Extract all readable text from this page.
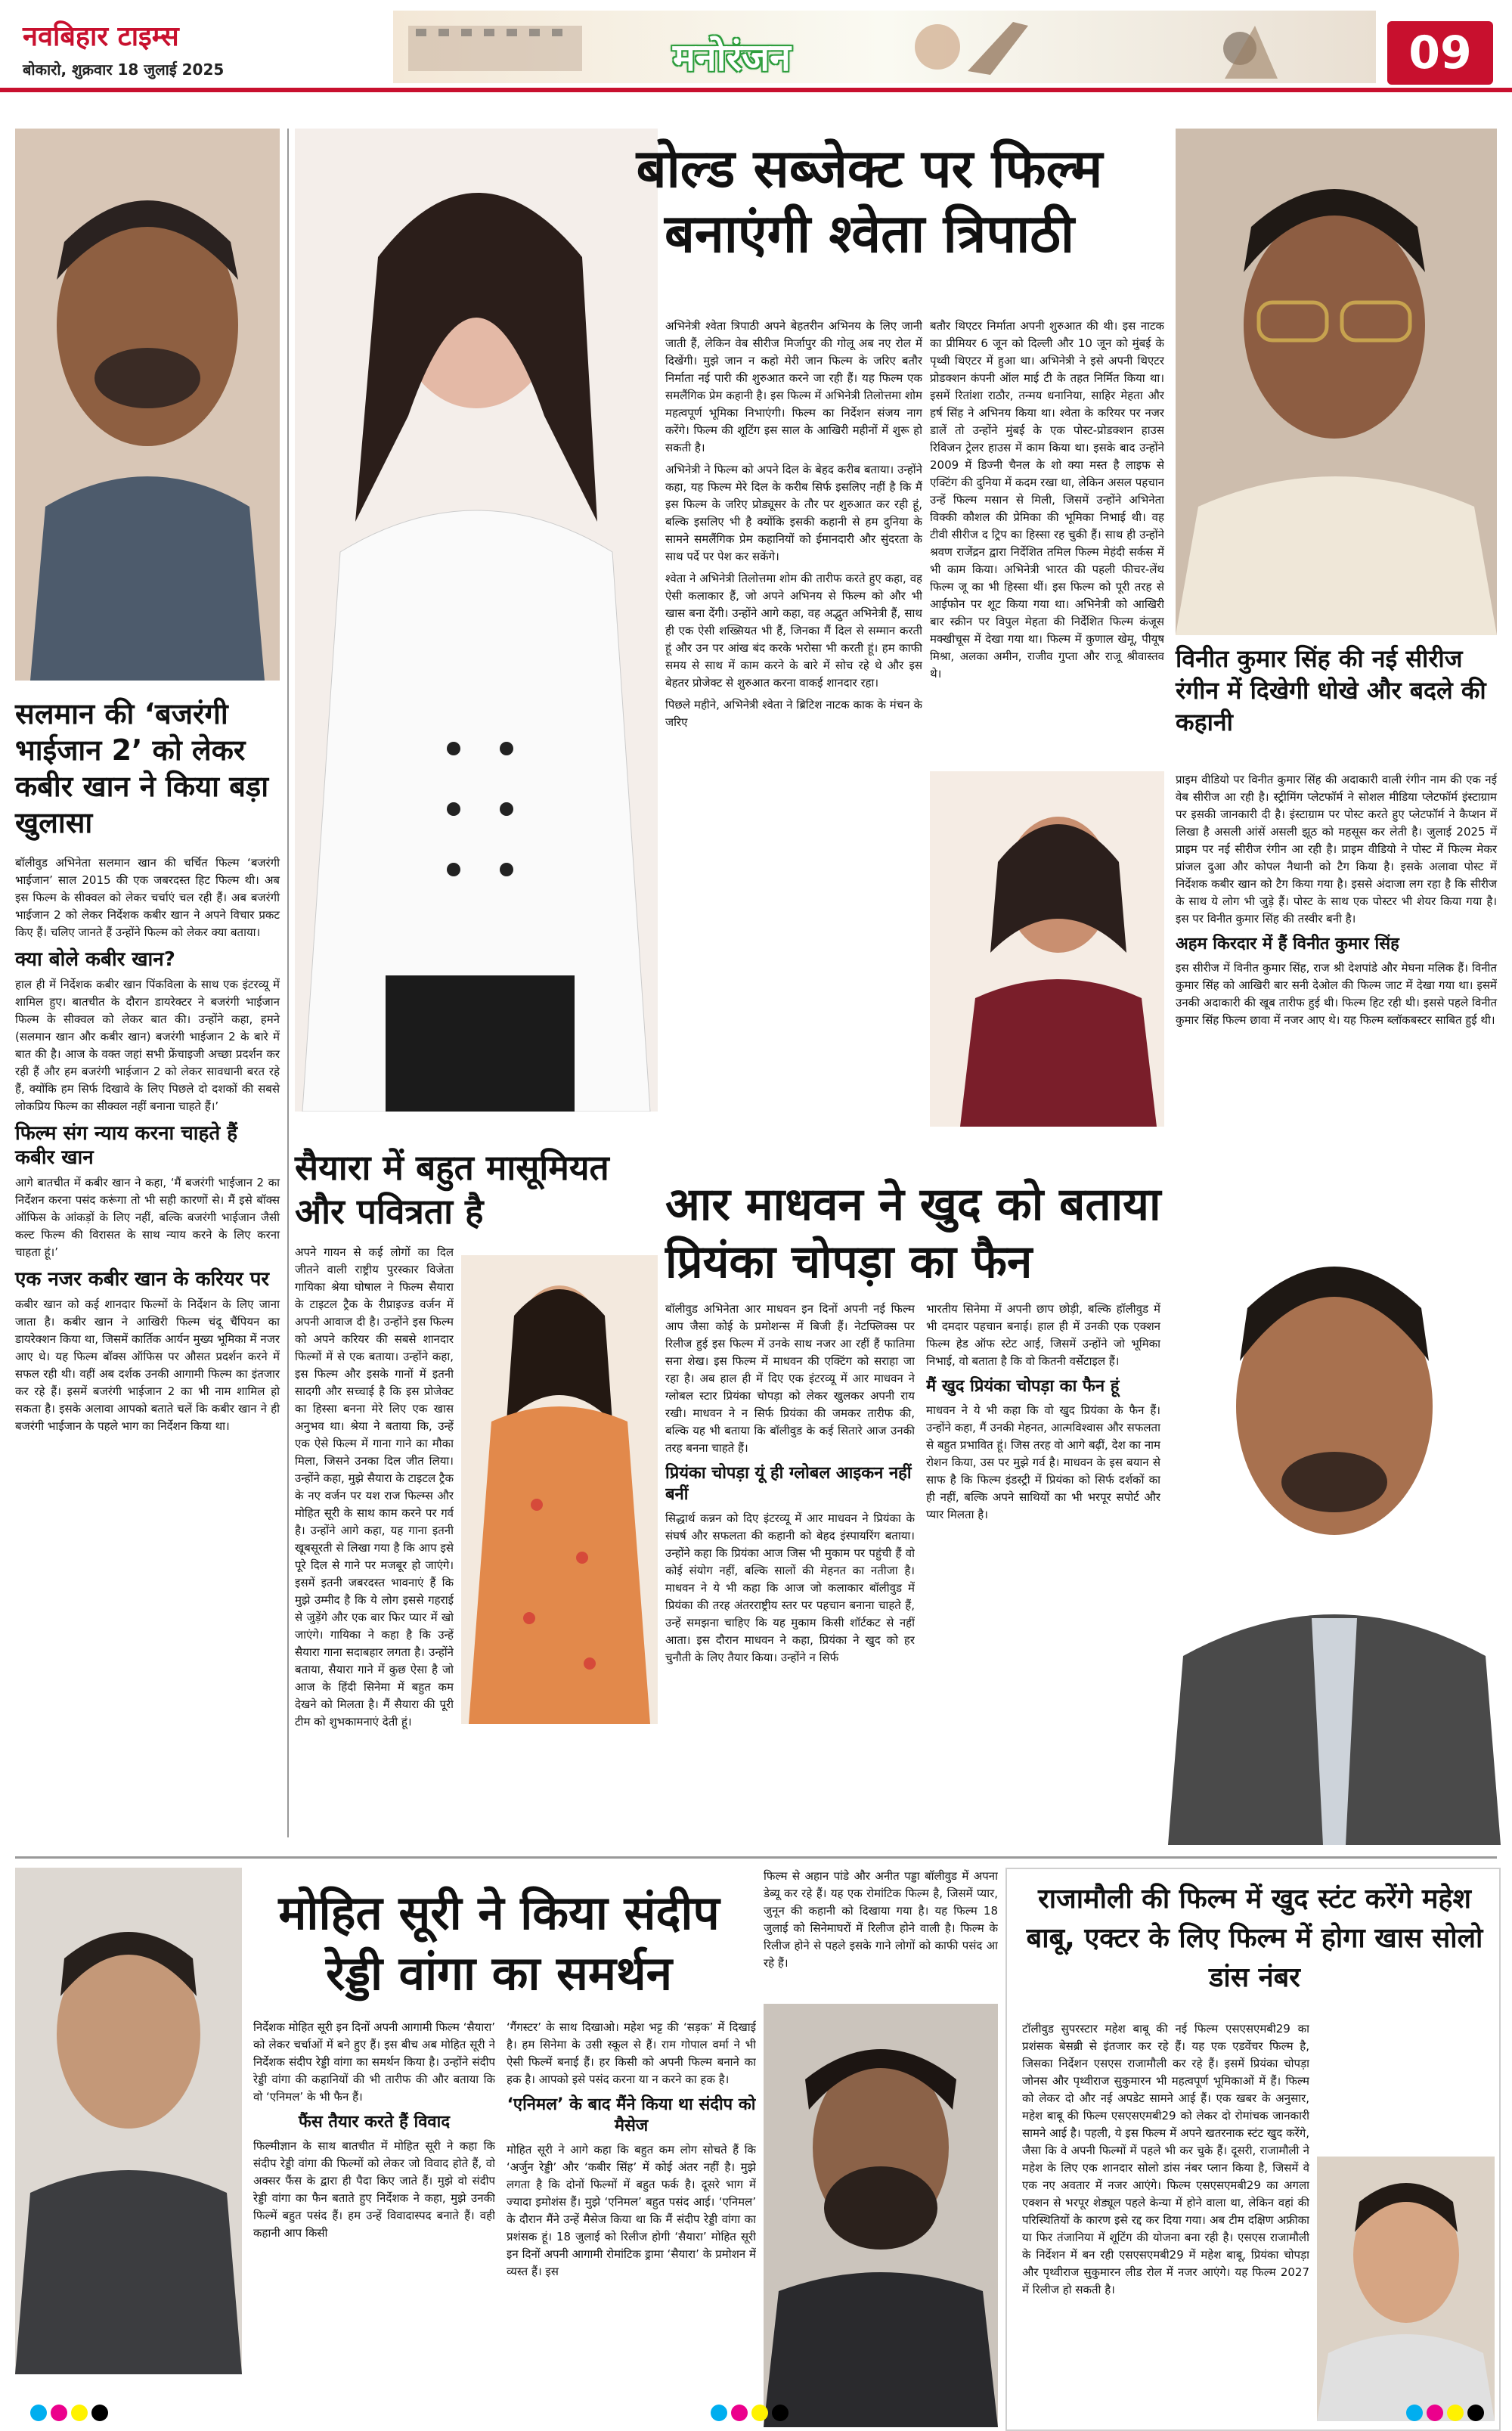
नवबिहार टाइम्स
बोकारो, शुक्रवार 18 जुलाई 2025	मनोरंजन	09
सलमान की ‘बजरंगी भाईजान 2’ को लेकर कबीर खान ने किया बड़ा खुलासा

बॉलीवुड अभिनेता सलमान खान की चर्चित फिल्म ‘बजरंगी भाईजान’ साल 2015 की एक जबरदस्त हिट फिल्म थी। अब इस फिल्म के सीक्वल को लेकर चर्चाएं चल रही हैं। अब बजरंगी भाईजान 2 को लेकर निर्देशक कबीर खान ने अपने विचार प्रकट किए हैं। चलिए जानते हैं उन्होंने फिल्म को लेकर क्या बताया।

क्या बोले कबीर खान?

हाल ही में निर्देशक कबीर खान पिंकविला के साथ एक इंटरव्यू में शामिल हुए। बातचीत के दौरान डायरेक्टर ने बजरंगी भाईजान फिल्म के सीक्वल को लेकर बात की। उन्होंने कहा, हमने (सलमान खान और कबीर खान) बजरंगी भाईजान 2 के बारे में बात की है। आज के वक्त जहां सभी फ्रेंचाइजी अच्छा प्रदर्शन कर रही हैं और हम बजरंगी भाईजान 2 को लेकर सावधानी बरत रहे हैं, क्योंकि हम सिर्फ दिखावे के लिए पिछले दो दशकों की सबसे लोकप्रिय फिल्म का सीक्वल नहीं बनाना चाहते हैं।’

फिल्म संग न्याय करना चाहते हैं कबीर खान

आगे बातचीत में कबीर खान ने कहा, ‘मैं बजरंगी भाईजान 2 का निर्देशन करना पसंद करूंगा तो भी सही कारणों से। मैं इसे बॉक्स ऑफिस के आंकड़ों के लिए नहीं, बल्कि बजरंगी भाईजान जैसी कल्ट फिल्म की विरासत के साथ न्याय करने के लिए करना चाहता हूं।’

एक नजर कबीर खान के करियर पर

कबीर खान को कई शानदार फिल्मों के निर्देशन के लिए जाना जाता है। कबीर खान ने आखिरी फिल्म चंदू चैंपियन का डायरेक्शन किया था, जिसमें कार्तिक आर्यन मुख्य भूमिका में नजर आए थे। यह फिल्म बॉक्स ऑफिस पर औसत प्रदर्शन करने में सफल रही थी। वहीं अब दर्शक उनकी आगामी फिल्म का इंतजार कर रहे हैं। इसमें बजरंगी भाईजान 2 का भी नाम शामिल हो सकता है। इसके अलावा आपको बताते चलें कि कबीर खान ने ही बजरंगी भाईजान के पहले भाग का निर्देशन किया था।

बोल्ड सब्जेक्ट पर फिल्म बनाएंगी श्वेता त्रिपाठी

अभिनेत्री श्वेता त्रिपाठी अपने बेहतरीन अभिनय के लिए जानी जाती हैं, लेकिन वेब सीरीज मिर्जापुर की गोलू अब नए रोल में दिखेंगी। मुझे जान न कहो मेरी जान फिल्म के जरिए बतौर निर्माता नई पारी की शुरुआत करने जा रही हैं। यह फिल्म एक समलैंगिक प्रेम कहानी है। इस फिल्म में अभिनेत्री तिलोत्तमा शोम महत्वपूर्ण भूमिका निभाएंगी। फिल्म का निर्देशन संजय नाग करेंगे। फिल्म की शूटिंग इस साल के आखिरी महीनों में शुरू हो सकती है।

अभिनेत्री ने फिल्म को अपने दिल के बेहद करीब बताया। उन्होंने कहा, यह फिल्म मेरे दिल के करीब सिर्फ इसलिए नहीं है कि मैं इस फिल्म के जरिए प्रोड्यूसर के तौर पर शुरुआत कर रही हूं, बल्कि इसलिए भी है क्योंकि इसकी कहानी से हम दुनिया के सामने समलैंगिक प्रेम कहानियों को ईमानदारी और सुंदरता के साथ पर्दे पर पेश कर सकेंगे।

श्वेता ने अभिनेत्री तिलोत्तमा शोम की तारीफ करते हुए कहा, वह ऐसी कलाकार हैं, जो अपने अभिनय से फिल्म को और भी खास बना देंगी। उन्होंने आगे कहा, वह अद्भुत अभिनेत्री हैं, साथ ही एक ऐसी शख्सियत भी हैं, जिनका मैं दिल से सम्मान करती हूं और उन पर आंख बंद करके भरोसा भी करती हूं। हम काफी समय से साथ में काम करने के बारे में सोच रहे थे और इस बेहतर प्रोजेक्ट से शुरुआत करना वाकई शानदार रहा।

पिछले महीने, अभिनेत्री श्वेता ने ब्रिटिश नाटक काक के मंचन के जरिए

बतौर थिएटर निर्माता अपनी शुरुआत की थी। इस नाटक का प्रीमियर 6 जून को दिल्ली और 10 जून को मुंबई के पृथ्वी थिएटर में हुआ था। अभिनेत्री ने इसे अपनी थिएटर प्रोडक्शन कंपनी ऑल माई टी के तहत निर्मित किया था। इसमें रितांशा राठौर, तन्मय धनानिया, साहिर मेहता और हर्ष सिंह ने अभिनय किया था। श्वेता के करियर पर नजर डालें तो उन्होंने मुंबई के एक पोस्ट-प्रोडक्शन हाउस रिविजन ट्रेलर हाउस में काम किया था। इसके बाद उन्होंने 2009 में डिज्नी चैनल के शो क्या मस्त है लाइफ से एक्टिंग की दुनिया में कदम रखा था, लेकिन असल पहचान उन्हें फिल्म मसान से मिली, जिसमें उन्होंने अभिनेता विक्की कौशल की प्रेमिका की भूमिका निभाई थी। वह टीवी सीरीज द ट्रिप का हिस्सा रह चुकी हैं। साथ ही उन्होंने श्रवण राजेंद्रन द्वारा निर्देशित तमिल फिल्म मेहंदी सर्कस में भी काम किया। अभिनेत्री भारत की पहली फीचर-लेंथ फिल्म जू का भी हिस्सा थीं। इस फिल्म को पूरी तरह से आईफोन पर शूट किया गया था। अभिनेत्री को आखिरी बार स्क्रीन पर विपुल मेहता की निर्देशित फिल्म कंजूस मक्खीचूस में देखा गया था। फिल्म में कुणाल खेमू, पीयूष मिश्रा, अलका अमीन, राजीव गुप्ता और राजू श्रीवास्तव थे।

विनीत कुमार सिंह की नई सीरीज रंगीन में दिखेगी धोखे और बदले की कहानी

प्राइम वीडियो पर विनीत कुमार सिंह की अदाकारी वाली रंगीन नाम की एक नई वेब सीरीज आ रही है। स्ट्रीमिंग प्लेटफॉर्म ने सोशल मीडिया प्लेटफॉर्म इंस्टाग्राम पर इसकी जानकारी दी है। इंस्टाग्राम पर पोस्ट करते हुए प्लेटफॉर्म ने कैप्शन में लिखा है असली आंसें असली झूठ को महसूस कर लेती है। जुलाई 2025 में प्राइम पर नई सीरीज रंगीन आ रही है। प्राइम वीडियो ने पोस्ट में फिल्म मेकर प्रांजल दुआ और कोपल नैथानी को टैग किया है। इसके अलावा पोस्ट में निर्देशक कबीर खान को टैग किया गया है। इससे अंदाजा लग रहा है कि सीरीज के साथ ये लोग भी जुड़े हैं। पोस्ट के साथ एक पोस्टर भी शेयर किया गया है। इस पर विनीत कुमार सिंह की तस्वीर बनी है।

अहम किरदार में हैं विनीत कुमार सिंह

इस सीरीज में विनीत कुमार सिंह, राज श्री देशपांडे और मेघना मलिक हैं। विनीत कुमार सिंह को आखिरी बार सनी देओल की फिल्म जाट में देखा गया था। इसमें उनकी अदाकारी की खूब तारीफ हुई थी। फिल्म हिट रही थी। इससे पहले विनीत कुमार सिंह फिल्म छावा में नजर आए थे। यह फिल्म ब्लॉकबस्टर साबित हुई थी।

सैयारा में बहुत मासूमियत और पवित्रता है

अपने गायन से कई लोगों का दिल जीतने वाली राष्ट्रीय पुरस्कार विजेता गायिका श्रेया घोषाल ने फिल्म सैयारा के टाइटल ट्रैक के रीप्राइज्ड वर्जन में अपनी आवाज दी है। उन्होंने इस फिल्म को अपने करियर की सबसे शानदार फिल्मों में से एक बताया। उन्होंने कहा, इस फिल्म और इसके गानों में इतनी सादगी और सच्चाई है कि इस प्रोजेक्ट का हिस्सा बनना मेरे लिए एक खास अनुभव था। श्रेया ने बताया कि, उन्हें एक ऐसे फिल्म में गाना गाने का मौका मिला, जिसने उनका दिल जीत लिया। उन्होंने कहा, मुझे सैयारा के टाइटल ट्रैक के नए वर्जन पर यश राज फिल्म्स और मोहित सूरी के साथ काम करने पर गर्व है। उन्होंने आगे कहा, यह गाना इतनी खूबसूरती से लिखा गया है कि आप इसे पूरे दिल से गाने पर मजबूर हो जाएंगे। इसमें इतनी जबरदस्त भावनाएं हैं कि मुझे उम्मीद है कि ये लोग इससे गहराई से जुड़ेंगे और एक बार फिर प्यार में खो जाएंगे। गायिका ने कहा है कि उन्हें सैयारा गाना सदाबहार लगता है। उन्होंने बताया, सैयारा गाने में कुछ ऐसा है जो आज के हिंदी सिनेमा में बहुत कम देखने को मिलता है। मैं सैयारा की पूरी टीम को शुभकामनाएं देती हूं।

आर माधवन ने खुद को बताया प्रियंका चोपड़ा का फैन

बॉलीवुड अभिनेता आर माधवन इन दिनों अपनी नई फिल्म आप जैसा कोई के प्रमोशन्स में बिजी हैं। नेटफ्लिक्स पर रिलीज हुई इस फिल्म में उनके साथ नजर आ रहीं हैं फातिमा सना शेख। इस फिल्म में माधवन की एक्टिंग को सराहा जा रहा है। अब हाल ही में दिए एक इंटरव्यू में आर माधवन ने ग्लोबल स्टार प्रियंका चोपड़ा को लेकर खुलकर अपनी राय रखी। माधवन ने न सिर्फ प्रियंका की जमकर तारीफ की, बल्कि यह भी बताया कि बॉलीवुड के कई सितारे आज उनकी तरह बनना चाहते हैं।

प्रियंका चोपड़ा यूं ही ग्लोबल आइकन नहीं बनीं

सिद्धार्थ कन्नन को दिए इंटरव्यू में आर माधवन ने प्रियंका के संघर्ष और सफलता की कहानी को बेहद इंस्पायरिंग बताया। उन्होंने कहा कि प्रियंका आज जिस भी मुकाम पर पहुंची हैं वो कोई संयोग नहीं, बल्कि सालों की मेहनत का नतीजा है। माधवन ने ये भी कहा कि आज जो कलाकार बॉलीवुड में प्रियंका की तरह अंतरराष्ट्रीय स्तर पर पहचान बनाना चाहते हैं, उन्हें समझना चाहिए कि यह मुकाम किसी शॉर्टकट से नहीं आता। इस दौरान माधवन ने कहा, प्रियंका ने खुद को हर चुनौती के लिए तैयार किया। उन्होंने न सिर्फ

भारतीय सिनेमा में अपनी छाप छोड़ी, बल्कि हॉलीवुड में भी दमदार पहचान बनाई। हाल ही में उनकी एक एक्शन फिल्म हेड ऑफ स्टेट आई, जिसमें उन्होंने जो भूमिका निभाई, वो बताता है कि वो कितनी वर्सेटाइल हैं।

मैं खुद प्रियंका चोपड़ा का फैन हूं

माधवन ने ये भी कहा कि वो खुद प्रियंका के फैन हैं। उन्होंने कहा, मैं उनकी मेहनत, आत्मविश्वास और सफलता से बहुत प्रभावित हूं। जिस तरह वो आगे बढ़ीं, देश का नाम रोशन किया, उस पर मुझे गर्व है। माधवन के इस बयान से साफ है कि फिल्म इंडस्ट्री में प्रियंका को सिर्फ दर्शकों का ही नहीं, बल्कि अपने साथियों का भी भरपूर सपोर्ट और प्यार मिलता है।

मोहित सूरी ने किया संदीप रेड्डी वांगा का समर्थन

निर्देशक मोहित सूरी इन दिनों अपनी आगामी फिल्म ‘सैयारा’ को लेकर चर्चाओं में बने हुए हैं। इस बीच अब मोहित सूरी ने निर्देशक संदीप रेड्डी वांगा का समर्थन किया है। उन्होंने संदीप रेड्डी वांगा की कहानियों की भी तारीफ की और बताया कि वो ‘एनिमल’ के भी फैन हैं।

फैंस तैयार करते हैं विवाद

फिल्मीज्ञान के साथ बातचीत में मोहित सूरी ने कहा कि संदीप रेड्डी वांगा की फिल्मों को लेकर जो विवाद होते हैं, वो अक्सर फैंस के द्वारा ही पैदा किए जाते हैं। मुझे वो संदीप रेड्डी वांगा का फैन बताते हुए निर्देशक ने कहा, मुझे उनकी फिल्में बहुत पसंद हैं। हम उन्हें विवादास्पद बनाते हैं। वही कहानी आप किसी

‘गैंगस्टर’ के साथ दिखाओ। महेश भट्ट की ‘सड़क’ में दिखाई है। हम सिनेमा के उसी स्कूल से हैं। राम गोपाल वर्मा ने भी ऐसी फिल्में बनाई हैं। हर किसी को अपनी फिल्म बनाने का हक है। आपको इसे पसंद करना या न करने का हक है।

‘एनिमल’ के बाद मैंने किया था संदीप को मैसेज

मोहित सूरी ने आगे कहा कि बहुत कम लोग सोचते हैं कि ‘अर्जुन रेड्डी’ और ‘कबीर सिंह’ में कोई अंतर नहीं है। मुझे लगता है कि दोनों फिल्मों में बहुत फर्क है। दूसरे भाग में ज्यादा इमोशंस हैं। मुझे ‘एनिमल’ बहुत पसंद आई। ‘एनिमल’ के दौरान मैंने उन्हें मैसेज किया था कि मैं संदीप रेड्डी वांगा का प्रशंसक हूं। 18 जुलाई को रिलीज होगी ‘सैयारा’ मोहित सूरी इन दिनों अपनी आगामी रोमांटिक ड्रामा ‘सैयारा’ के प्रमोशन में व्यस्त हैं। इस

फिल्म से अहान पांडे और अनीत पड्डा बॉलीवुड में अपना डेब्यू कर रहे हैं। यह एक रोमांटिक फिल्म है, जिसमें प्यार, जुनून की कहानी को दिखाया गया है। यह फिल्म 18 जुलाई को सिनेमाघरों में रिलीज होने वाली है। फिल्म के रिलीज होने से पहले इसके गाने लोगों को काफी पसंद आ रहे हैं।

राजामौली की फिल्म में खुद स्टंट करेंगे महेश बाबू, एक्टर के लिए फिल्म में होगा खास सोलो डांस नंबर

टॉलीवुड सुपरस्टार महेश बाबू की नई फिल्म एसएसएमबी29 का प्रशंसक बेसब्री से इंतजार कर रहे हैं। यह एक एडवेंचर फिल्म है, जिसका निर्देशन एसएस राजामौली कर रहे हैं। इसमें प्रियंका चोपड़ा जोनस और पृथ्वीराज सुकुमारन भी महत्वपूर्ण भूमिकाओं में हैं। फिल्म को लेकर दो और नई अपडेट सामने आई हैं। एक खबर के अनुसार, महेश बाबू की फिल्म एसएसएमबी29 को लेकर दो रोमांचक जानकारी सामने आई है। पहली, ये इस फिल्म में अपने खतरनाक स्टंट खुद करेंगे, जैसा कि वे अपनी फिल्मों में पहले भी कर चुके हैं। दूसरी, राजामौली ने महेश के लिए एक शानदार सोलो डांस नंबर प्लान किया है, जिसमें वे एक नए अवतार में नजर आएंगे। फिल्म एसएसएमबी29 का अगला एक्शन से भरपूर शेड्यूल पहले केन्या में होने वाला था, लेकिन वहां की परिस्थितियों के कारण इसे रद्द कर दिया गया। अब टीम दक्षिण अफ्रीका या फिर तंजानिया में शूटिंग की योजना बना रही है। एसएस राजामौली के निर्देशन में बन रही एसएसएमबी29 में महेश बाबू, प्रियंका चोपड़ा और पृथ्वीराज सुकुमारन लीड रोल में नजर आएंगे। यह फिल्म 2027 में रिलीज हो सकती है।
